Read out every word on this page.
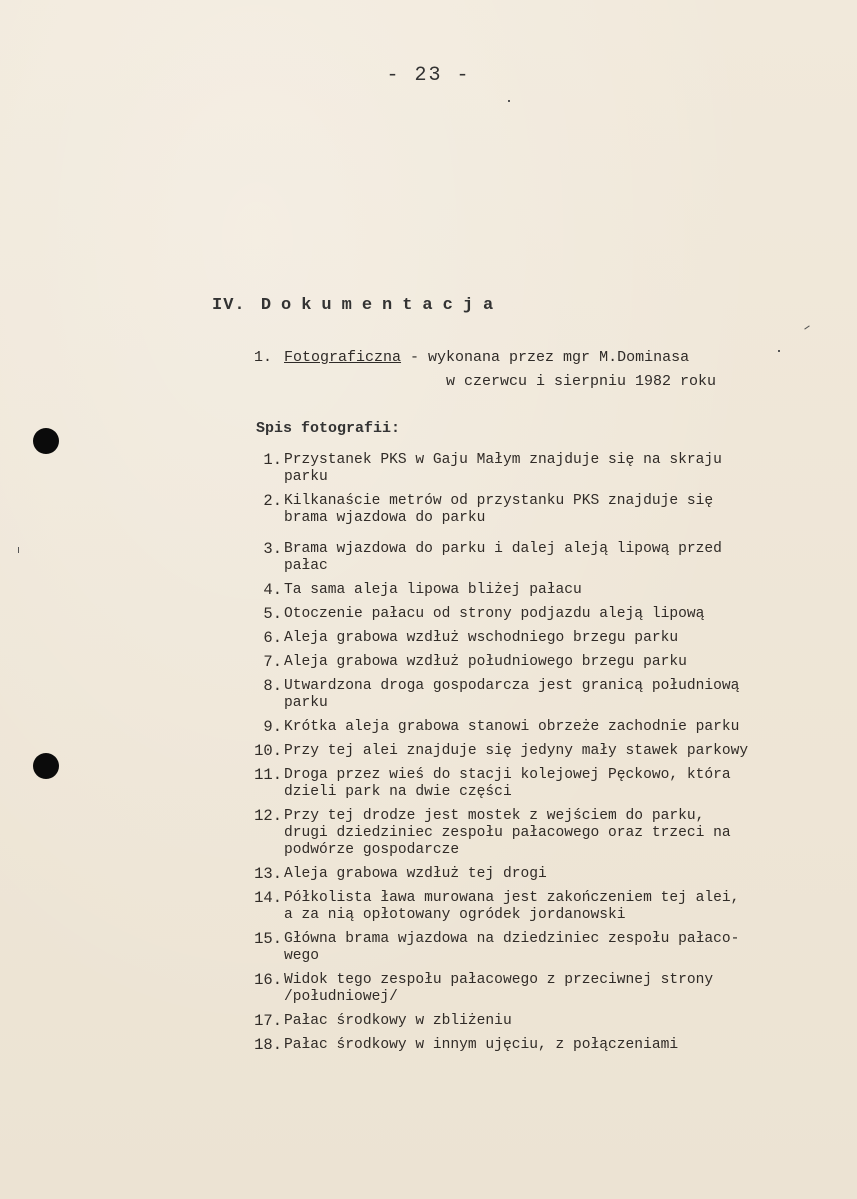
- 23 -
IV. Dokumentacja
1. Fotograficzna - wykonana przez mgr M.Dominasa
w czerwcu i sierpniu 1982 roku
Spis fotografii:
1. Przystanek PKS w Gaju Małym znajduje się na skraju
parku
2. Kilkanaście metrów od przystanku PKS znajduje się
brama wjazdowa do parku
3. Brama wjazdowa do parku i dalej aleją lipową przed
pałac
4. Ta sama aleja lipowa bliżej pałacu
5. Otoczenie pałacu od strony podjazdu aleją lipową
6. Aleja grabowa wzdłuż wschodniego brzegu parku
7. Aleja grabowa wzdłuż południowego brzegu parku
8. Utwardzona droga gospodarcza jest granicą południową
parku
9. Krótka aleja grabowa stanowi obrzeże zachodnie parku
10. Przy tej alei znajduje się jedyny mały stawek parkowy
11. Droga przez wieś do stacji kolejowej Pęckowo, która
dzieli park na dwie części
12. Przy tej drodze jest mostek z wejściem do parku,
drugi dziedziniec zespołu pałacowego oraz trzeci na
podwórze gospodarcze
13. Aleja grabowa wzdłuż tej drogi
14. Półkolista ława murowana jest zakończeniem tej alei,
a za nią opłotowany ogródek jordanowski
15. Główna brama wjazdowa na dziedziniec zespołu pałaco-
wego
16. Widok tego zespołu pałacowego z przeciwnej strony
/południowej/
17. Pałac środkowy w zbliżeniu
18. Pałac środkowy w innym ujęciu, z połączeniami
